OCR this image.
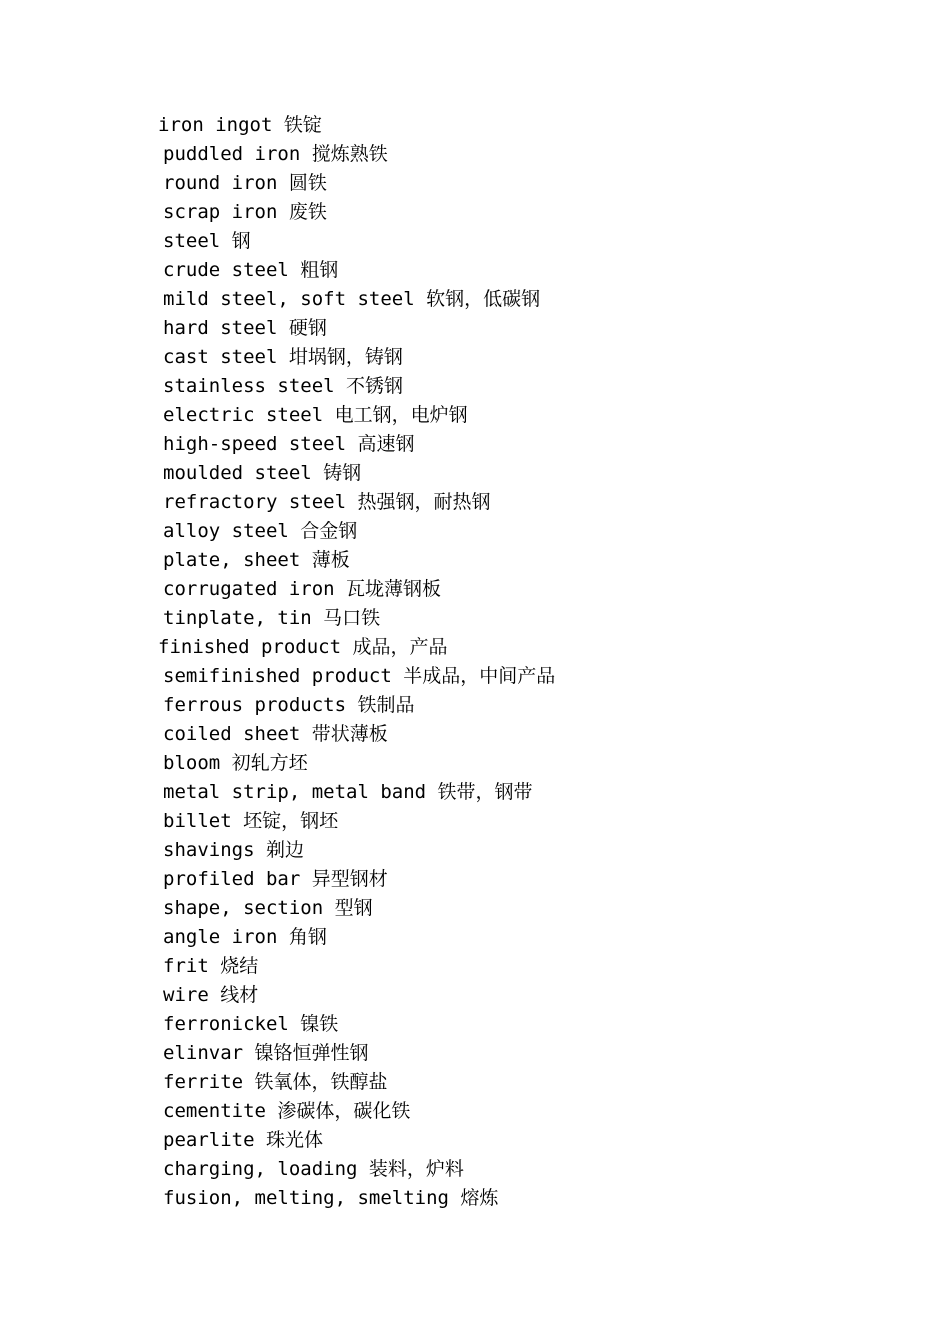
iron ingot 铁锭
puddled iron 搅炼熟铁
round iron 圆铁
scrap iron 废铁
steel 钢
crude steel 粗钢
mild steel, soft steel 软钢，低碳钢
hard steel 硬钢
cast steel 坩埚钢，铸钢
stainless steel 不锈钢
electric steel 电工钢，电炉钢
high-speed steel 高速钢
moulded steel 铸钢
refractory steel 热强钢，耐热钢
alloy steel 合金钢
plate, sheet 薄板
corrugated iron 瓦垅薄钢板
tinplate, tin 马口铁
finished product 成品，产品
semifinished product 半成品，中间产品
ferrous products 铁制品
coiled sheet 带状薄板
bloom 初轧方坯
metal strip, metal band 铁带，钢带
billet 坯锭，钢坯
shavings 剃边
profiled bar 异型钢材
shape, section 型钢
angle iron 角钢
frit 烧结
wire 线材
ferronickel 镍铁
elinvar 镍铬恒弹性钢
ferrite 铁氧体，铁醇盐
cementite 渗碳体，碳化铁
pearlite 珠光体
charging, loading 装料，炉料
fusion, melting, smelting 熔炼
